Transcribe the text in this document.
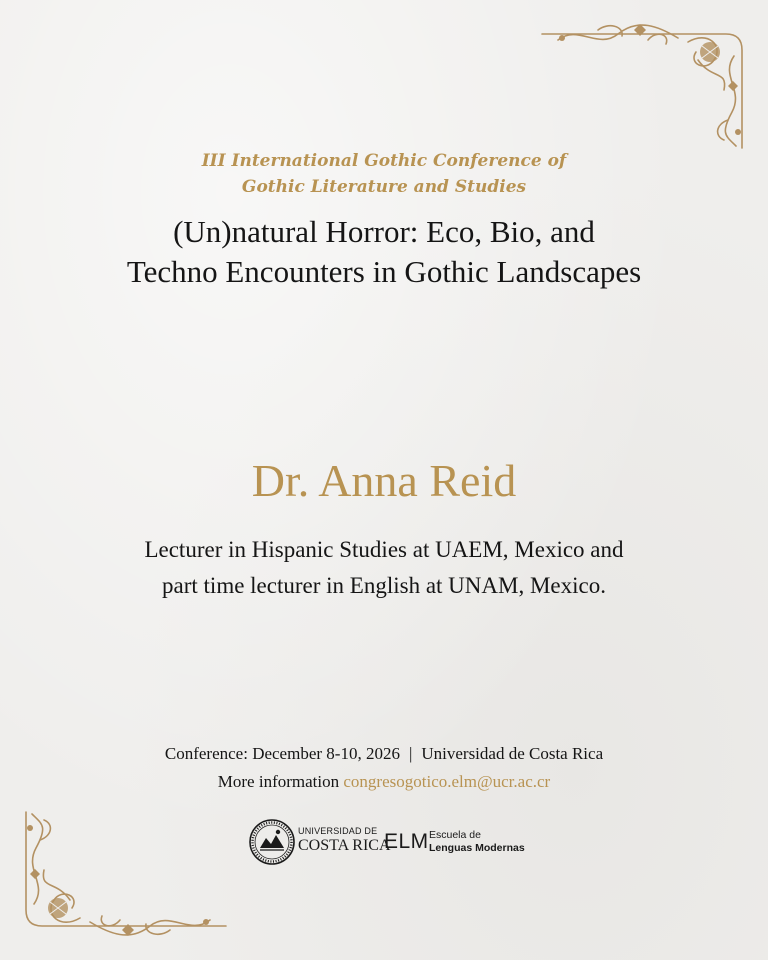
III International Gothic Conference of
Gothic Literature and Studies
(Un)natural Horror: Eco, Bio, and
Techno Encounters in Gothic Landscapes
Dr. Anna Reid
Lecturer in Hispanic Studies at UAEM, Mexico and
part time lecturer in English at UNAM, Mexico.
Conference: December 8-10, 2026 | Universidad de Costa Rica
More information congresogotico.elm@ucr.ac.cr
UNIVERSIDAD DE
COSTA RICA
ELM Escuela de
Lenguas Modernas
